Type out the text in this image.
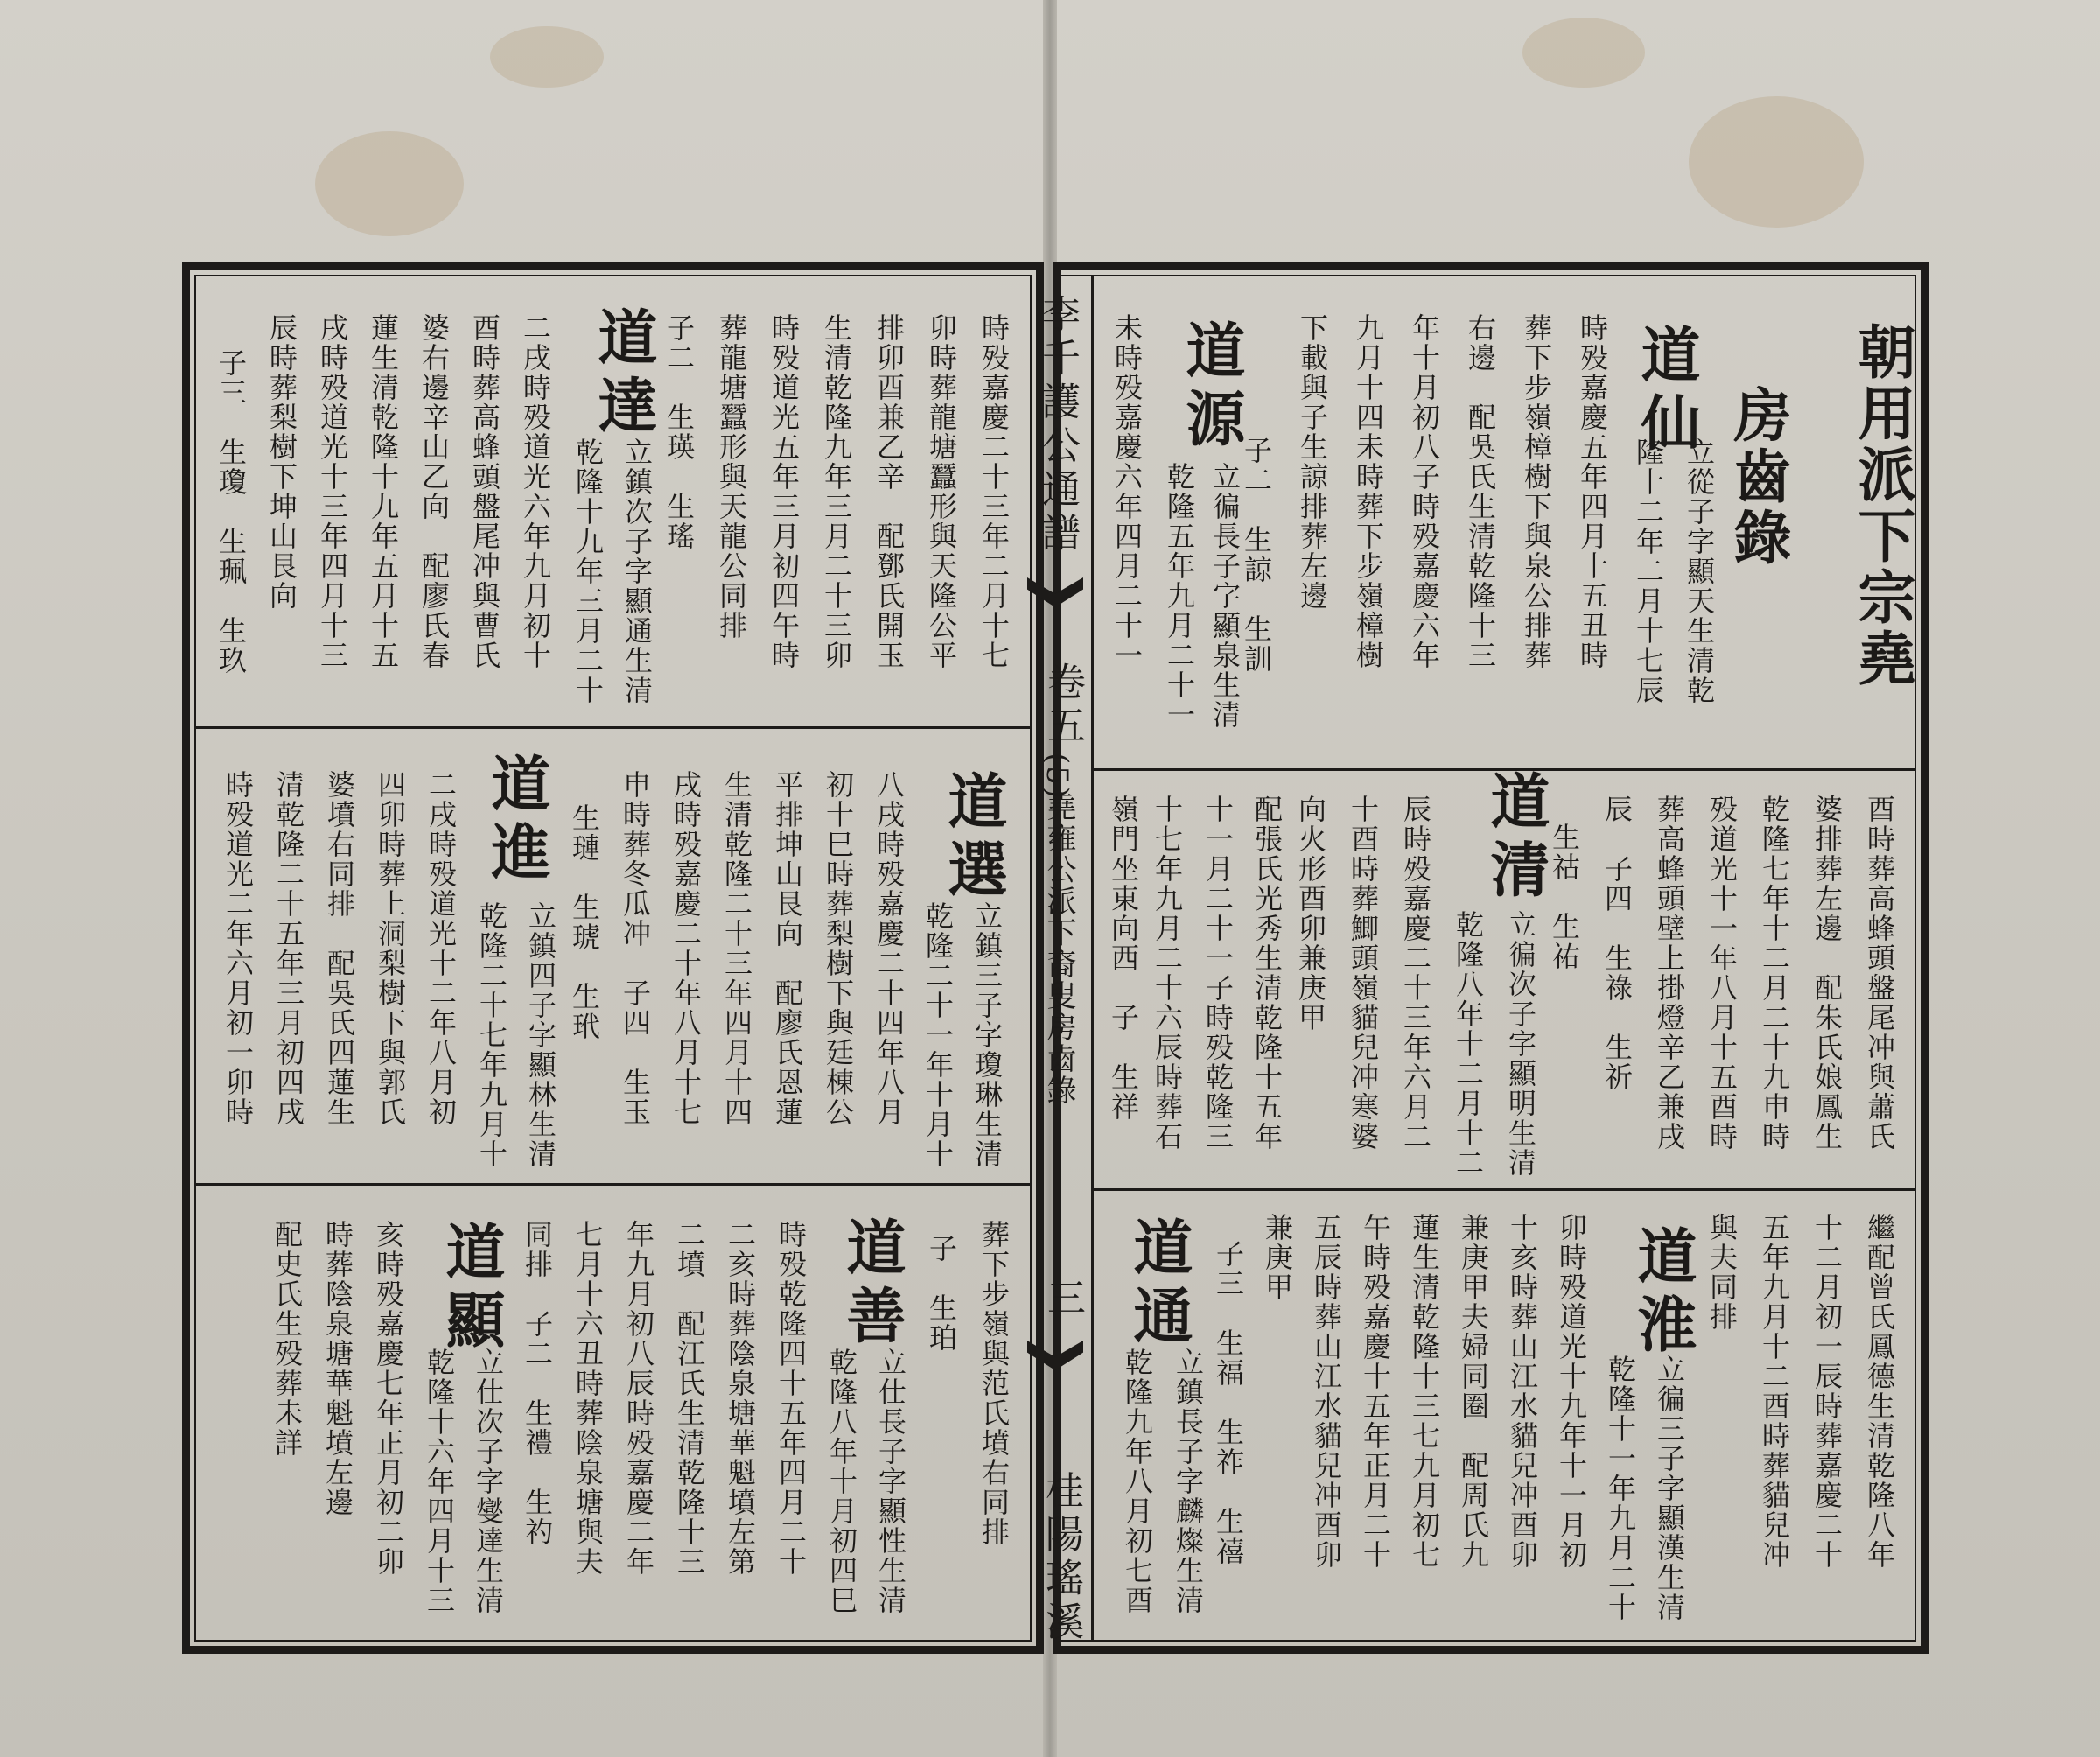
李千護公通譜
卷五
(5)
堯雍公派下裔叟房齒錄
三
桂陽瑤溪
朝用派下宗堯
房齒錄
道仙
道源
道達
道清
道選
道進
道淮
道通
道善
道顯
立從子字顯天生清乾
隆十二年二月十七辰
時殁嘉慶五年四月十五丑時
葬下步嶺樟樹下與泉公排葬
右邊　配吳氏生清乾隆十三
年十月初八子時殁嘉慶六年
九月十四未時葬下步嶺樟樹
下載與子生諒排葬左邊
子二　生諒　生訓
立徧長子字顯泉生清
乾隆五年九月二十一
未時殁嘉慶六年四月二十一
時殁嘉慶二十三年二月十七
卯時葬龍塘蠶形與天隆公平
排卯酉兼乙辛　配鄧氏開玉
生清乾隆九年三月二十三卯
時殁道光五年三月初四午時
葬龍塘蠶形與天龍公同排
子二　生瑛　生瑤
立鎮次子字顯通生清
乾隆十九年三月二十
二戌時殁道光六年九月初十
酉時葬高蜂頭盤尾冲與曹氏
婆右邊辛山乙向　配廖氏春
蓮生清乾隆十九年五月十五
戌時殁道光十三年四月十三
辰時葬梨樹下坤山艮向
子三　生瓊　生珮　生玖
酉時葬高蜂頭盤尾冲與蕭氏
婆排葬左邊　配朱氏娘鳳生
乾隆七年十二月二十九申時
殁道光十一年八月十五酉時
葬高蜂頭壁上掛燈辛乙兼戌
辰　子四　生祿　生祈
生祜　生祐
立徧次子字顯明生清
乾隆八年十二月十二
辰時殁嘉慶二十三年六月二
十酉時葬鯽頭嶺貓兒冲寒婆
向火形酉卯兼庚甲
配張氏光秀生清乾隆十五年
十一月二十一子時殁乾隆三
十七年九月二十六辰時葬石
嶺門坐東向西　子　生祥
立鎮三子字瓊琳生清
乾隆二十一年十月十
八戌時殁嘉慶二十四年八月
初十巳時葬梨樹下與廷棟公
平排坤山艮向　配廖氏恩蓮
生清乾隆二十三年四月十四
戌時殁嘉慶二十年八月十七
申時葬冬瓜冲　子四　生玉
生璉　生琥　生玳
立鎮四子字顯林生清
乾隆二十七年九月十
二戌時殁道光十二年八月初
四卯時葬上洞梨樹下與郭氏
婆墳右同排　配吳氏四蓮生
清乾隆二十五年三月初四戌
時殁道光二年六月初一卯時
繼配曾氏鳳德生清乾隆八年
十二月初一辰時葬嘉慶二十
五年九月十二酉時葬貓兒冲
與夫同排
立徧三子字顯漢生清
乾隆十一年九月二十
卯時殁道光十九年十一月初
十亥時葬山江水貓兒冲酉卯
兼庚甲夫婦同圈　配周氏九
蓮生清乾隆十三七九月初七
午時殁嘉慶十五年正月二十
五辰時葬山江水貓兒冲酉卯
兼庚甲
子三　生福　生祚　生禧
立鎮長子字麟燦生清
乾隆九年八月初七酉
葬下步嶺與范氏墳右同排
子　生珀
立仕長子字顯性生清
乾隆八年十月初四巳
時殁乾隆四十五年四月二十
二亥時葬陰泉塘華魁墳左第
二墳　配江氏生清乾隆十三
年九月初八辰時殁嘉慶二年
七月十六丑時葬陰泉塘與夫
同排　子二　生禮　生礿
立仕次子字燮達生清
乾隆十六年四月十三
亥時殁嘉慶七年正月初二卯
時葬陰泉塘華魁墳左邊
配史氏生殁葬未詳
